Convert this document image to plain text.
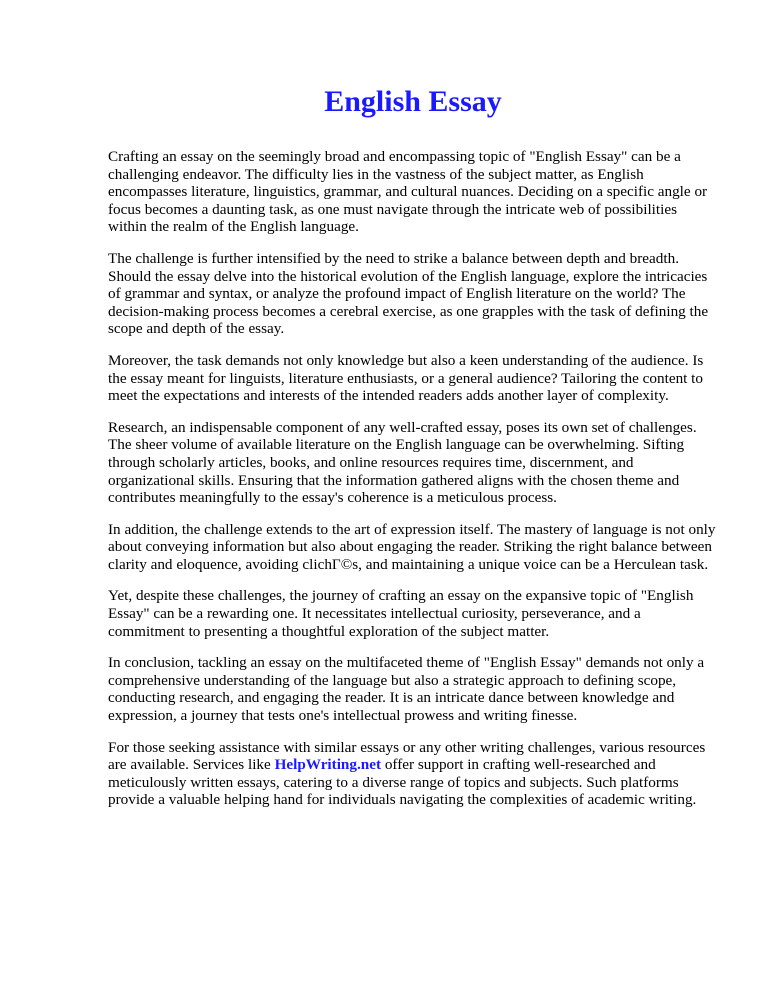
English Essay

Crafting an essay on the seemingly broad and encompassing topic of "English Essay" can be a challenging endeavor. The difficulty lies in the vastness of the subject matter, as English encompasses literature, linguistics, grammar, and cultural nuances. Deciding on a specific angle or focus becomes a daunting task, as one must navigate through the intricate web of possibilities within the realm of the English language.

The challenge is further intensified by the need to strike a balance between depth and breadth. Should the essay delve into the historical evolution of the English language, explore the intricacies of grammar and syntax, or analyze the profound impact of English literature on the world? The decision-making process becomes a cerebral exercise, as one grapples with the task of defining the scope and depth of the essay.

Moreover, the task demands not only knowledge but also a keen understanding of the audience. Is the essay meant for linguists, literature enthusiasts, or a general audience? Tailoring the content to meet the expectations and interests of the intended readers adds another layer of complexity.

Research, an indispensable component of any well-crafted essay, poses its own set of challenges. The sheer volume of available literature on the English language can be overwhelming. Sifting through scholarly articles, books, and online resources requires time, discernment, and organizational skills. Ensuring that the information gathered aligns with the chosen theme and contributes meaningfully to the essay's coherence is a meticulous process.

In addition, the challenge extends to the art of expression itself. The mastery of language is not only about conveying information but also about engaging the reader. Striking the right balance between clarity and eloquence, avoiding clichΓ©s, and maintaining a unique voice can be a Herculean task.

Yet, despite these challenges, the journey of crafting an essay on the expansive topic of "English Essay" can be a rewarding one. It necessitates intellectual curiosity, perseverance, and a commitment to presenting a thoughtful exploration of the subject matter.

In conclusion, tackling an essay on the multifaceted theme of "English Essay" demands not only a comprehensive understanding of the language but also a strategic approach to defining scope, conducting research, and engaging the reader. It is an intricate dance between knowledge and expression, a journey that tests one's intellectual prowess and writing finesse.

For those seeking assistance with similar essays or any other writing challenges, various resources are available. Services like HelpWriting.net offer support in crafting well-researched and meticulously written essays, catering to a diverse range of topics and subjects. Such platforms provide a valuable helping hand for individuals navigating the complexities of academic writing.
